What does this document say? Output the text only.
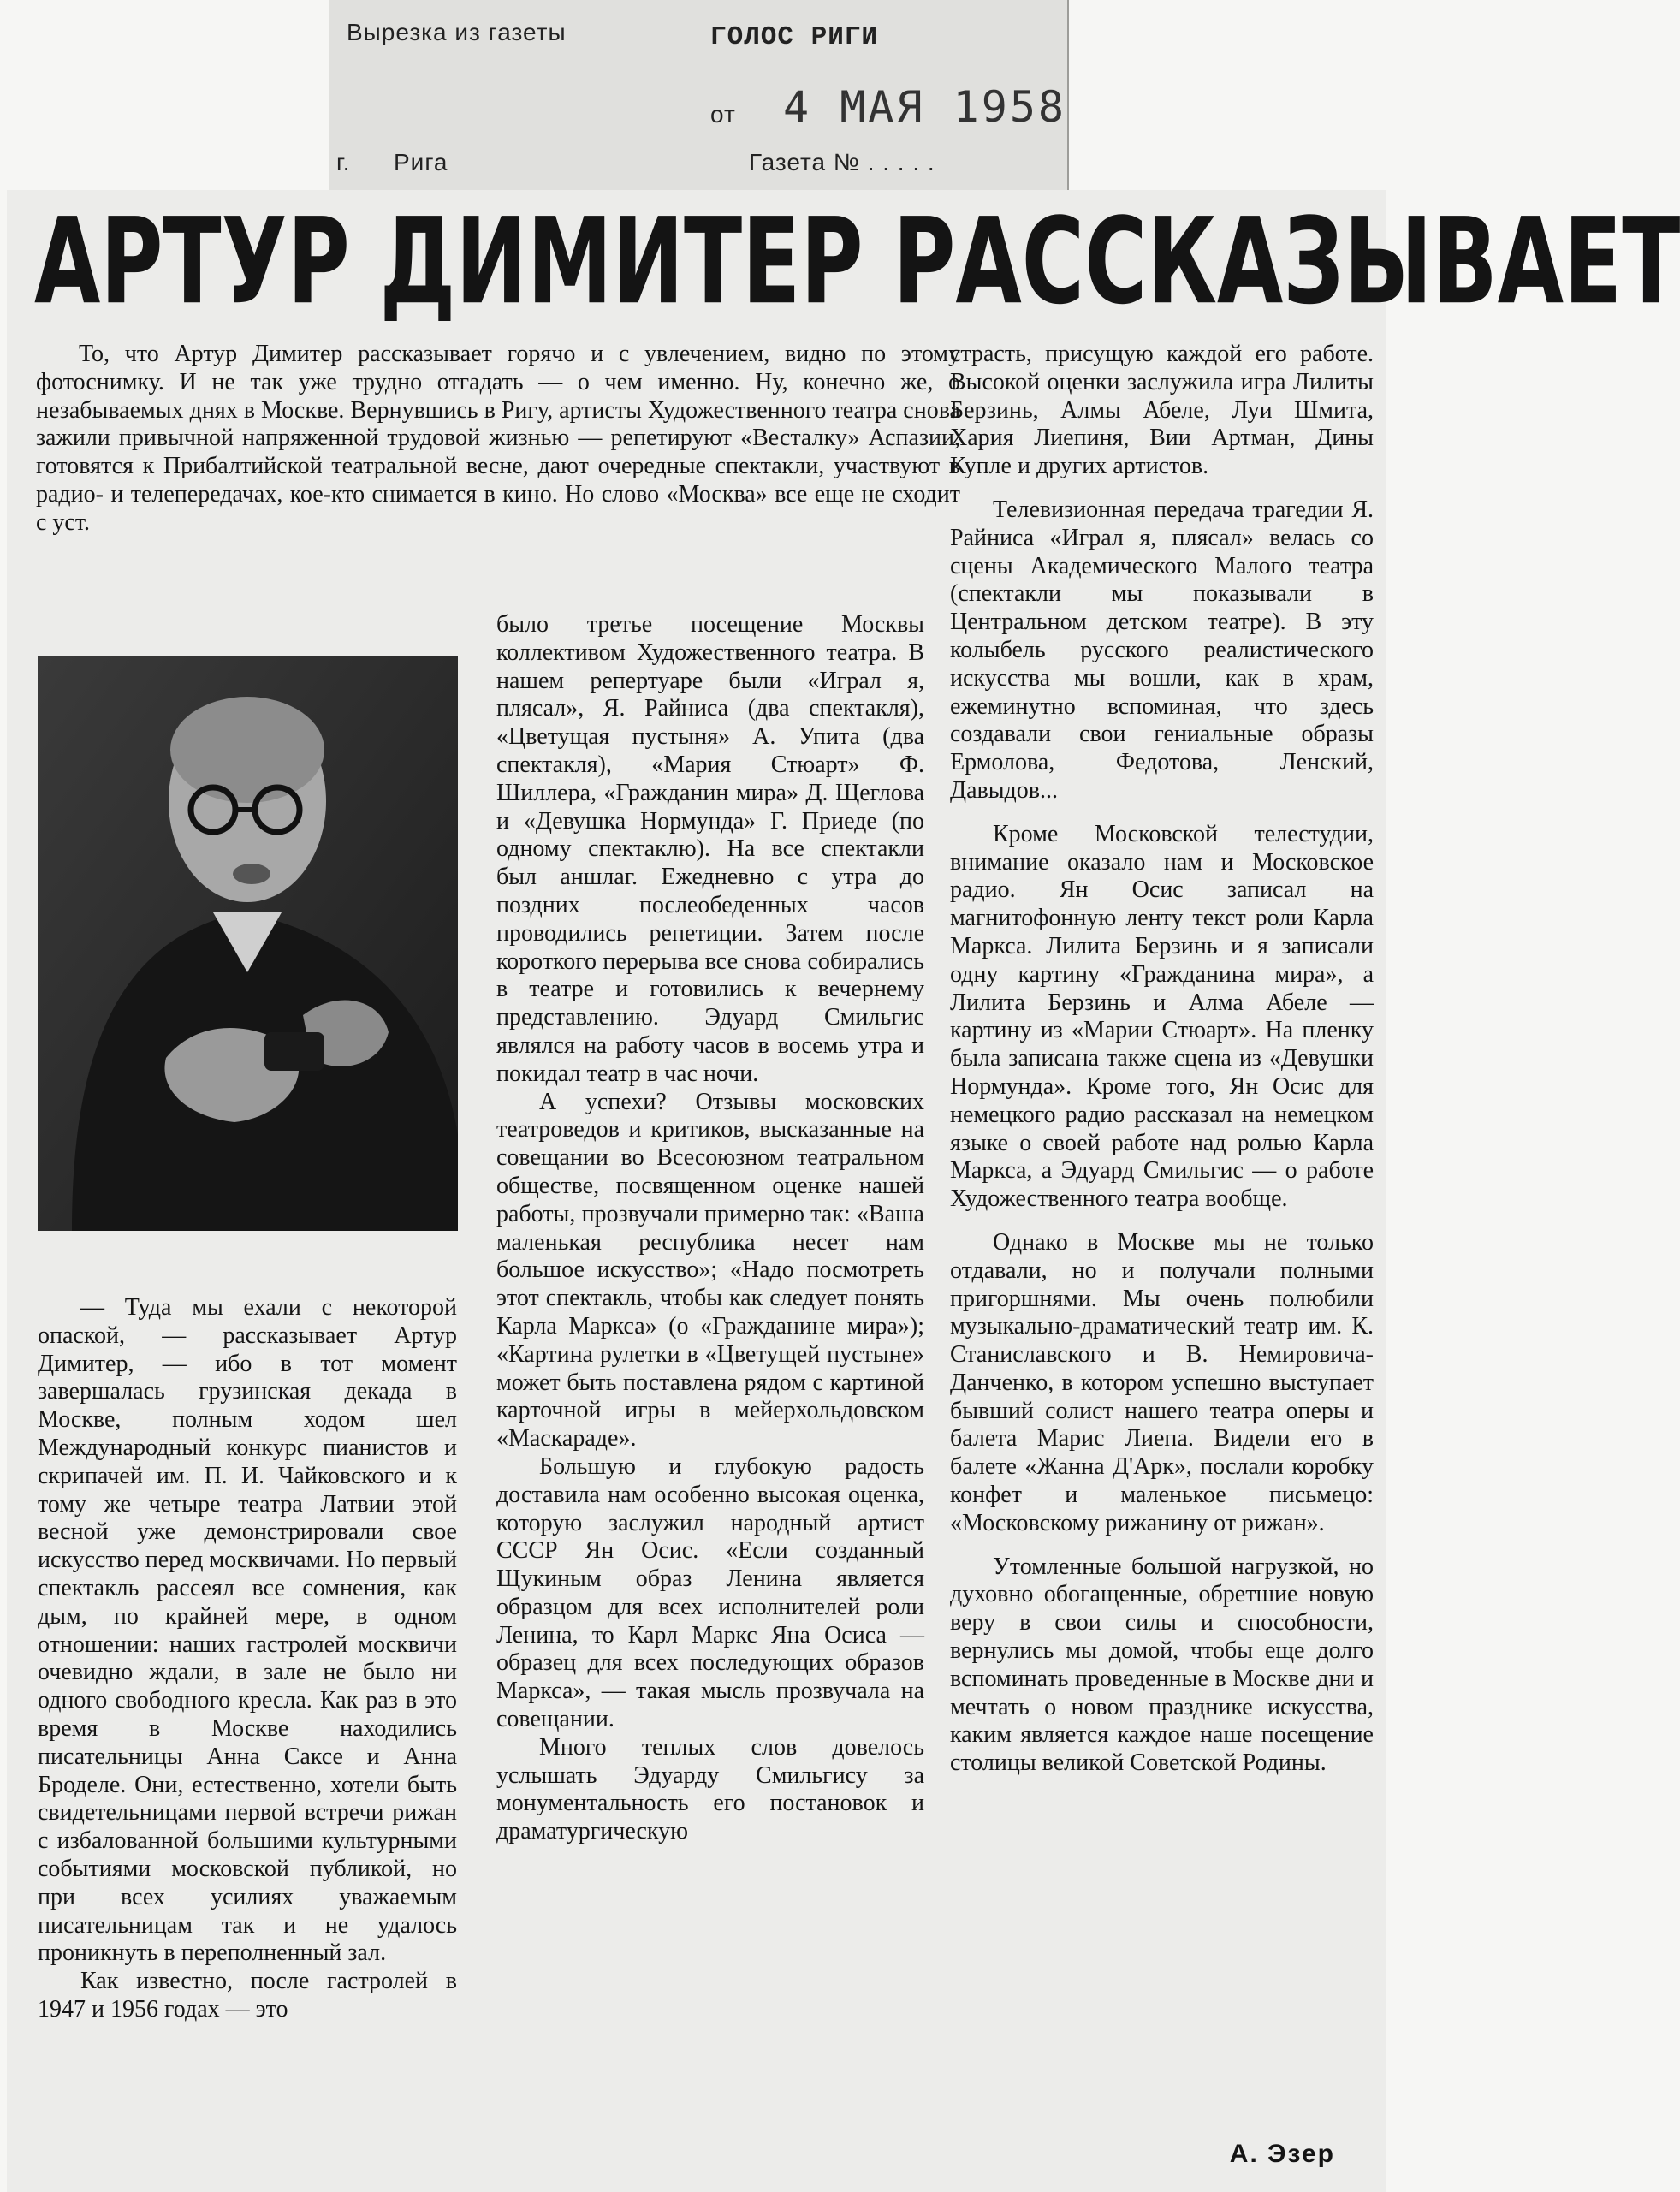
Вырезка из газеты	ГОЛОС РИГИ
от 4 МАЯ 1958
г. Рига	Газета № . . . . .
АРТУР ДИМИТЕР РАССКАЗЫВАЕТ

То, что Артур Димитер рассказывает горячо и с увлечением, видно по этому фотоснимку. И не так уже трудно отгадать — о чем именно. Ну, конечно же, о незабываемых днях в Москве. Вернувшись в Ригу, артисты Художественного театра снова зажили привычной напряженной трудовой жизнью — репетируют «Весталку» Аспазии, готовятся к Прибалтийской театральной весне, дают очередные спектакли, участвуют в радио- и телепередачах, кое-кто снимается в кино. Но слово «Москва» все еще не сходит с уст.

— Туда мы ехали с некоторой опаской, — рассказывает Артур Димитер, — ибо в тот момент завершалась грузинская декада в Москве, полным ходом шел Международный конкурс пианистов и скрипачей им. П. И. Чайковского и к тому же четыре театра Латвии этой весной уже демонстрировали свое искусство перед москвичами. Но первый спектакль рассеял все сомнения, как дым, по крайней мере, в одном отношении: наших гастролей москвичи очевидно ждали, в зале не было ни одного свободного кресла. Как раз в это время в Москве находились писательницы Анна Саксе и Анна Броделе. Они, естественно, хотели быть свидетельницами первой встречи рижан с избалованной большими культурными событиями московской публикой, но при всех усилиях уважаемым писательницам так и не удалось проникнуть в переполненный зал.

Как известно, после гастролей в 1947 и 1956 годах — это

было третье посещение Москвы коллективом Художественного театра. В нашем репертуаре были «Играл я, плясал», Я. Райниса (два спектакля), «Цветущая пустыня» А. Упита (два спектакля), «Мария Стюарт» Ф. Шиллера, «Гражданин мира» Д. Щеглова и «Девушка Нормунда» Г. Приеде (по одному спектаклю). На все спектакли был аншлаг. Ежедневно с утра до поздних послеобеденных часов проводились репетиции. Затем после короткого перерыва все снова собирались в театре и готовились к вечернему представлению. Эдуард Смильгис являлся на работу часов в восемь утра и покидал театр в час ночи.

А успехи? Отзывы московских театроведов и критиков, высказанные на совещании во Всесоюзном театральном обществе, посвященном оценке нашей работы, прозвучали примерно так: «Ваша маленькая республика несет нам большое искусство»; «Надо посмотреть этот спектакль, чтобы как следует понять Карла Маркса» (о «Гражданине мира»); «Картина рулетки в «Цветущей пустыне» может быть поставлена рядом с картиной карточной игры в мейерхольдовском «Маскараде».

Большую и глубокую радость доставила нам особенно высокая оценка, которую заслужил народный артист СССР Ян Осис. «Если созданный Щукиным образ Ленина является образцом для всех исполнителей роли Ленина, то Карл Маркс Яна Осиса — образец для всех последующих образов Маркса», — такая мысль прозвучала на совещании.

Много теплых слов довелось услышать Эдуарду Смильгису за монументальность его постановок и драматургическую

страсть, присущую каждой его работе. Высокой оценки заслужила игра Лилиты Берзинь, Алмы Абеле, Луи Шмита, Хария Лиепиня, Вии Артман, Дины Купле и других артистов.

Телевизионная передача трагедии Я. Райниса «Играл я, плясал» велась со сцены Академического Малого театра (спектакли мы показывали в Центральном детском театре). В эту колыбель русского реалистического искусства мы вошли, как в храм, ежеминутно вспоминая, что здесь создавали свои гениальные образы Ермолова, Федотова, Ленский, Давыдов...

Кроме Московской телестудии, внимание оказало нам и Московское радио. Ян Осис записал на магнитофонную ленту текст роли Карла Маркса. Лилита Берзинь и я записали одну картину «Гражданина мира», а Лилита Берзинь и Алма Абеле — картину из «Марии Стюарт». На пленку была записана также сцена из «Девушки Нормунда». Кроме того, Ян Осис для немецкого радио рассказал на немецком языке о своей работе над ролью Карла Маркса, а Эдуард Смильгис — о работе Художественного театра вообще.

Однако в Москве мы не только отдавали, но и получали полными пригоршнями. Мы очень полюбили музыкально-драматический театр им. К. Станиславского и В. Немировича-Данченко, в котором успешно выступает бывший солист нашего театра оперы и балета Марис Лиепа. Видели его в балете «Жанна Д'Арк», послали коробку конфет и маленькое письмецо: «Московскому рижанину от рижан».

Утомленные большой нагрузкой, но духовно обогащенные, обретшие новую веру в свои силы и способности, вернулись мы домой, чтобы еще долго вспоминать проведенные в Москве дни и мечтать о новом празднике искусства, каким является каждое наше посещение столицы великой Советской Родины.

А. Эзер
